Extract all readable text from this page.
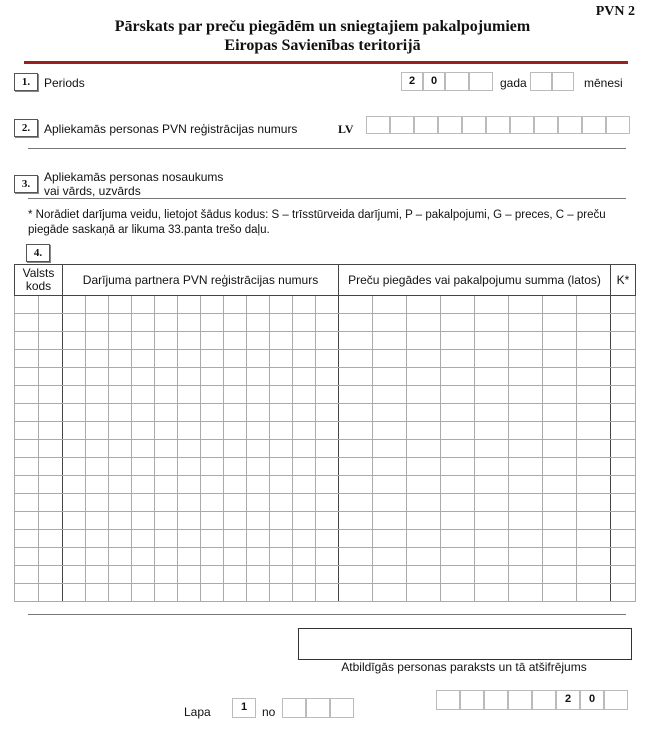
PVN 2
Pārskats par preču piegādēm un sniegtajiem pakalpojumiem
Eiropas Savienības teritorijā
1.	Periods	2	0	gada	mēnesi
2.	Apliekamās personas PVN reģistrācijas numurs	LV
3.	Apliekamās personas nosaukums
vai vārds, uzvārds
* Norādiet darījuma veidu, lietojot šādus kodus: S – trīsstūrveida darījumi, P – pakalpojumi, G – preces, C – preču piegāde saskaņā ar likuma 33.panta trešo daļu.
4.
Valsts kods		Darījuma partnera PVN reģistrācijas numurs												Preču piegādes vai pakalpojumu summa (latos)								K*

Atbildīgās personas paraksts un tā atšifrējums
Lapa	1	no
2	0
